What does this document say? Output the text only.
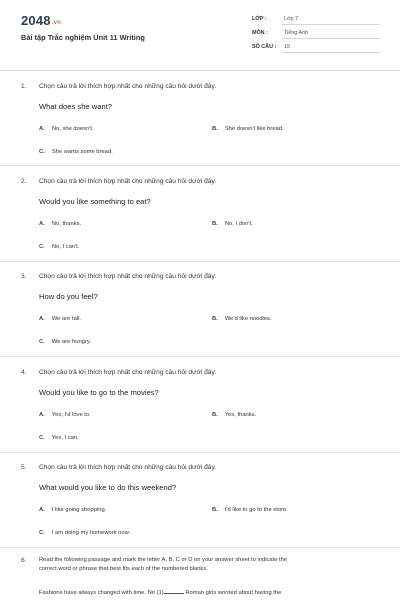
2048.vn
Bài tập Trắc nghiệm Unit 11 Writing
LỚP :	Lớp 7
MÔN :	Tiếng Anh
SỐ CÂU : 15
1. Chọn câu trả lời thích hợp nhất cho những câu hỏi dưới đây.
What does she want?
A. No, she doesn't.	B. She doesn't like bread.
C. She wants some bread.
2. Chọn câu trả lời thích hợp nhất cho những câu hỏi dưới đây.
Would you like something to eat?
A. No, thanks.	B. No, I don't.
C. No, I can't.
3. Chọn câu trả lời thích hợp nhất cho những câu hỏi dưới đây.
How do you feel?
A. We are tall.	B. We'd like noodles.
C. We are hungry.
4. Chọn câu trả lời thích hợp nhất cho những câu hỏi dưới đây.
Would you like to go to the movies?
A. Yes, I'd love to.	B. Yes, thanks.
C. Yes, I can.
5. Chọn câu trả lời thích hợp nhất cho những câu hỏi dưới đây.
What would you like to do this weekend?
A. I like going shopping.	B. I'd like to go to the store.
C. I am doing my homework now.
6. Read the following passage and mark the letter A, B, C or D on your answer sheet to indicate the
correct word or phrase that best fits each of the numbered blanks.
Fashions have always changed with time. No (1)	Roman girls worried about having the
